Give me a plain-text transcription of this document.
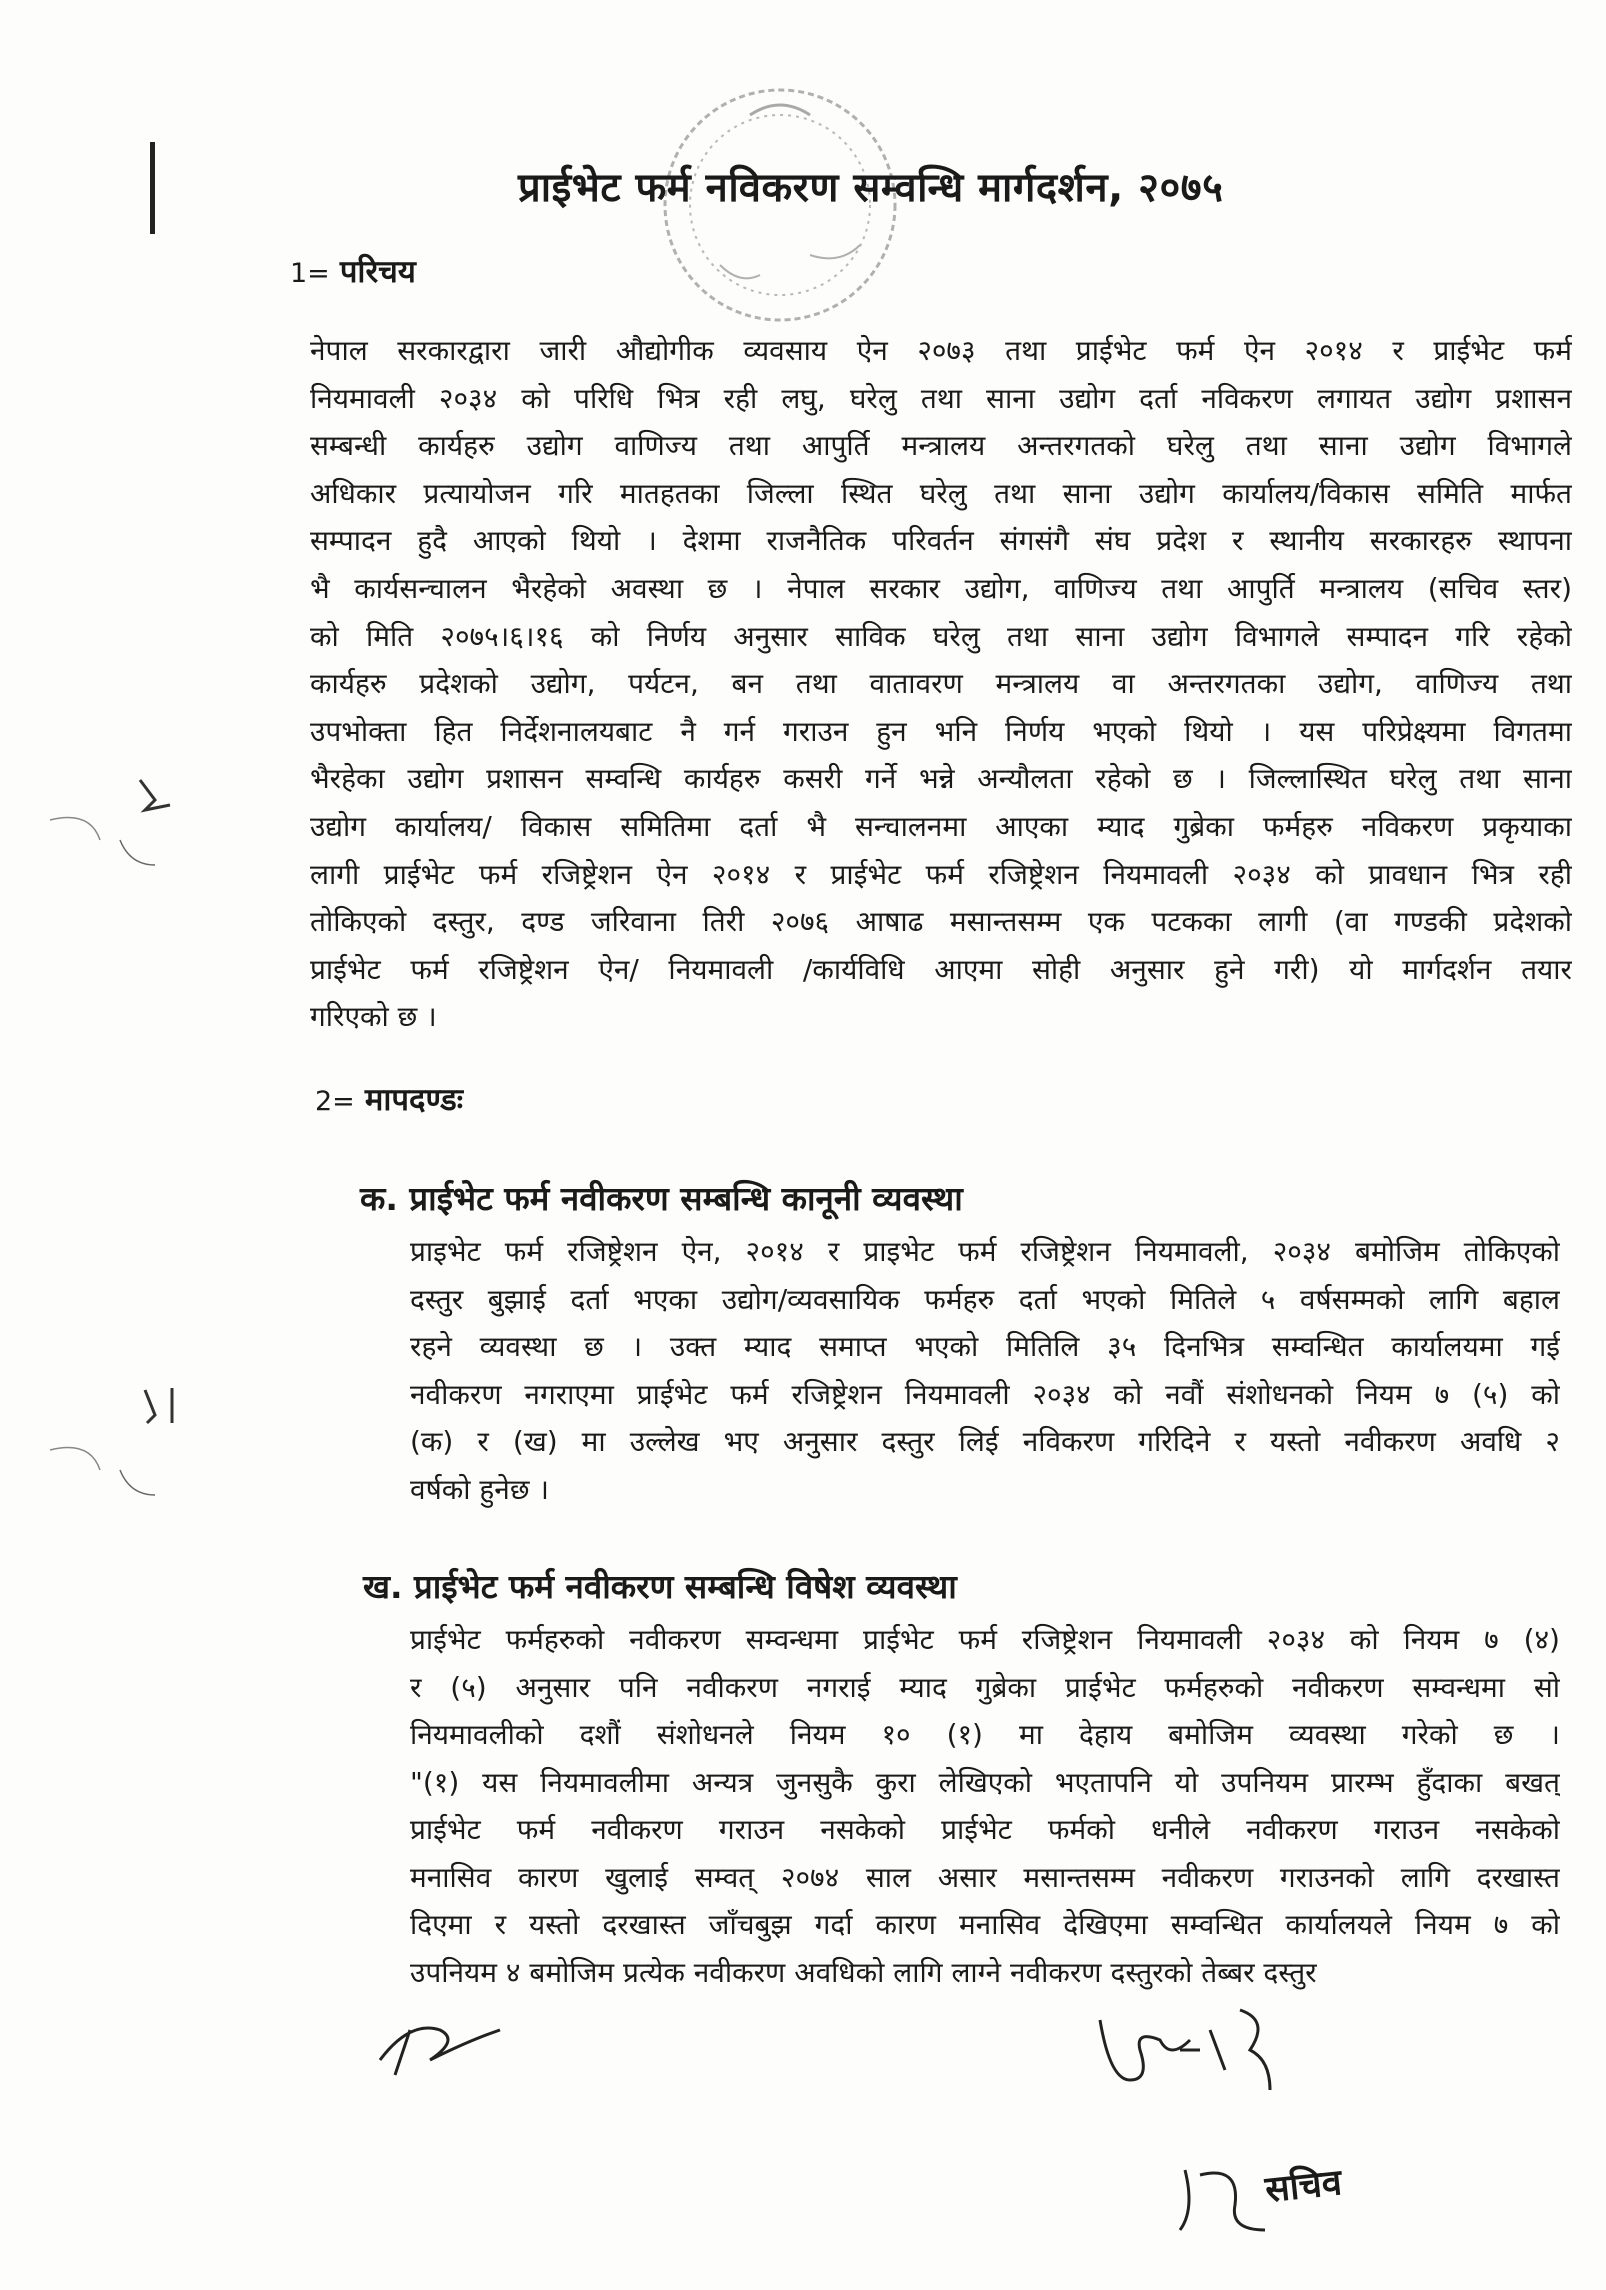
प्राईभेट फर्म नविकरण सम्वन्धि मार्गदर्शन, २०७५
1= परिचय
नेपाल सरकारद्वारा जारी औद्योगीक व्यवसाय ऐन २०७३ तथा प्राईभेट फर्म ऐन २०१४ र प्राईभेट फर्म
नियमावली २०३४ को परिधि भित्र रही लघु, घरेलु तथा साना उद्योग दर्ता नविकरण लगायत उद्योग प्रशासन
सम्बन्धी कार्यहरु उद्योग वाणिज्य तथा आपुर्ति मन्त्रालय अन्तरगतको घरेलु तथा साना उद्योग विभागले
अधिकार प्रत्यायोजन गरि मातहतका जिल्ला स्थित घरेलु तथा साना उद्योग कार्यालय/विकास समिति मार्फत
सम्पादन हुदै आएको थियो । देशमा राजनैतिक परिवर्तन संगसंगै संघ प्रदेश र स्थानीय सरकारहरु स्थापना
भै कार्यसन्चालन भैरहेको अवस्था छ । नेपाल सरकार उद्योग, वाणिज्य तथा आपुर्ति मन्त्रालय (सचिव स्तर)
को मिति २०७५।६।१६ को निर्णय अनुसार साविक घरेलु तथा साना उद्योग विभागले सम्पादन गरि रहेको
कार्यहरु प्रदेशको उद्योग, पर्यटन, बन तथा वातावरण मन्त्रालय वा अन्तरगतका उद्योग, वाणिज्य तथा
उपभोक्ता हित निर्देशनालयबाट नै गर्न गराउन हुन भनि निर्णय भएको थियो । यस परिप्रेक्ष्यमा विगतमा
भैरहेका उद्योग प्रशासन सम्वन्धि कार्यहरु कसरी गर्ने भन्ने अन्यौलता रहेको छ । जिल्लास्थित घरेलु तथा साना
उद्योग कार्यालय/ विकास समितिमा दर्ता भै सन्चालनमा आएका म्याद गुब्रेका फर्महरु नविकरण प्रकृयाका
लागी प्राईभेट फर्म रजिष्ट्रेशन ऐन २०१४ र प्राईभेट फर्म रजिष्ट्रेशन नियमावली २०३४ को प्रावधान भित्र रही
तोकिएको दस्तुर, दण्ड जरिवाना तिरी २०७६ आषाढ मसान्तसम्म एक पटकका लागी (वा गण्डकी प्रदेशको
प्राईभेट फर्म रजिष्ट्रेशन ऐन/ नियमावली /कार्यविधि आएमा सोही अनुसार हुने गरी) यो मार्गदर्शन तयार
गरिएको छ ।
2= मापदण्डः
क. प्राईभेट फर्म नवीकरण सम्बन्धि कानूनी व्यवस्था
प्राइभेट फर्म रजिष्ट्रेशन ऐन, २०१४ र प्राइभेट फर्म रजिष्ट्रेशन नियमावली, २०३४ बमोजिम तोकिएको
दस्तुर बुझाई दर्ता भएका उद्योग/व्यवसायिक फर्महरु दर्ता भएको मितिले ५ वर्षसम्मको लागि बहाल
रहने व्यवस्था छ । उक्त म्याद समाप्त भएको मितिलि ३५ दिनभित्र सम्वन्धित कार्यालयमा गई
नवीकरण नगराएमा प्राईभेट फर्म रजिष्ट्रेशन नियमावली २०३४ को नवौं संशोधनको नियम ७ (५) को
(क) र (ख) मा उल्लेख भए अनुसार दस्तुर लिई नविकरण गरिदिने र यस्तो नवीकरण अवधि २
वर्षको हुनेछ ।
ख. प्राईभेट फर्म नवीकरण सम्बन्धि विषेश व्यवस्था
प्राईभेट फर्महरुको नवीकरण सम्वन्धमा प्राईभेट फर्म रजिष्ट्रेशन नियमावली २०३४ को नियम ७ (४)
र (५) अनुसार पनि नवीकरण नगराई म्याद गुब्रेका प्राईभेट फर्महरुको नवीकरण सम्वन्धमा सो
नियमावलीको दशौं संशोधनले नियम १० (१) मा देहाय बमोजिम व्यवस्था गरेको छ ।
"(१) यस नियमावलीमा अन्यत्र जुनसुकै कुरा लेखिएको भएतापनि यो उपनियम प्रारम्भ हुँदाका बखत्
प्राईभेट फर्म नवीकरण गराउन नसकेको प्राईभेट फर्मको धनीले नवीकरण गराउन नसकेको
मनासिव कारण खुलाई सम्वत् २०७४ साल असार मसान्तसम्म नवीकरण गराउनको लागि दरखास्त
दिएमा र यस्तो दरखास्त जाँचबुझ गर्दा कारण मनासिव देखिएमा सम्वन्धित कार्यालयले नियम ७ को
उपनियम ४ बमोजिम प्रत्येक नवीकरण अवधिको लागि लाग्ने नवीकरण दस्तुरको तेब्बर दस्तुर
सचिव
